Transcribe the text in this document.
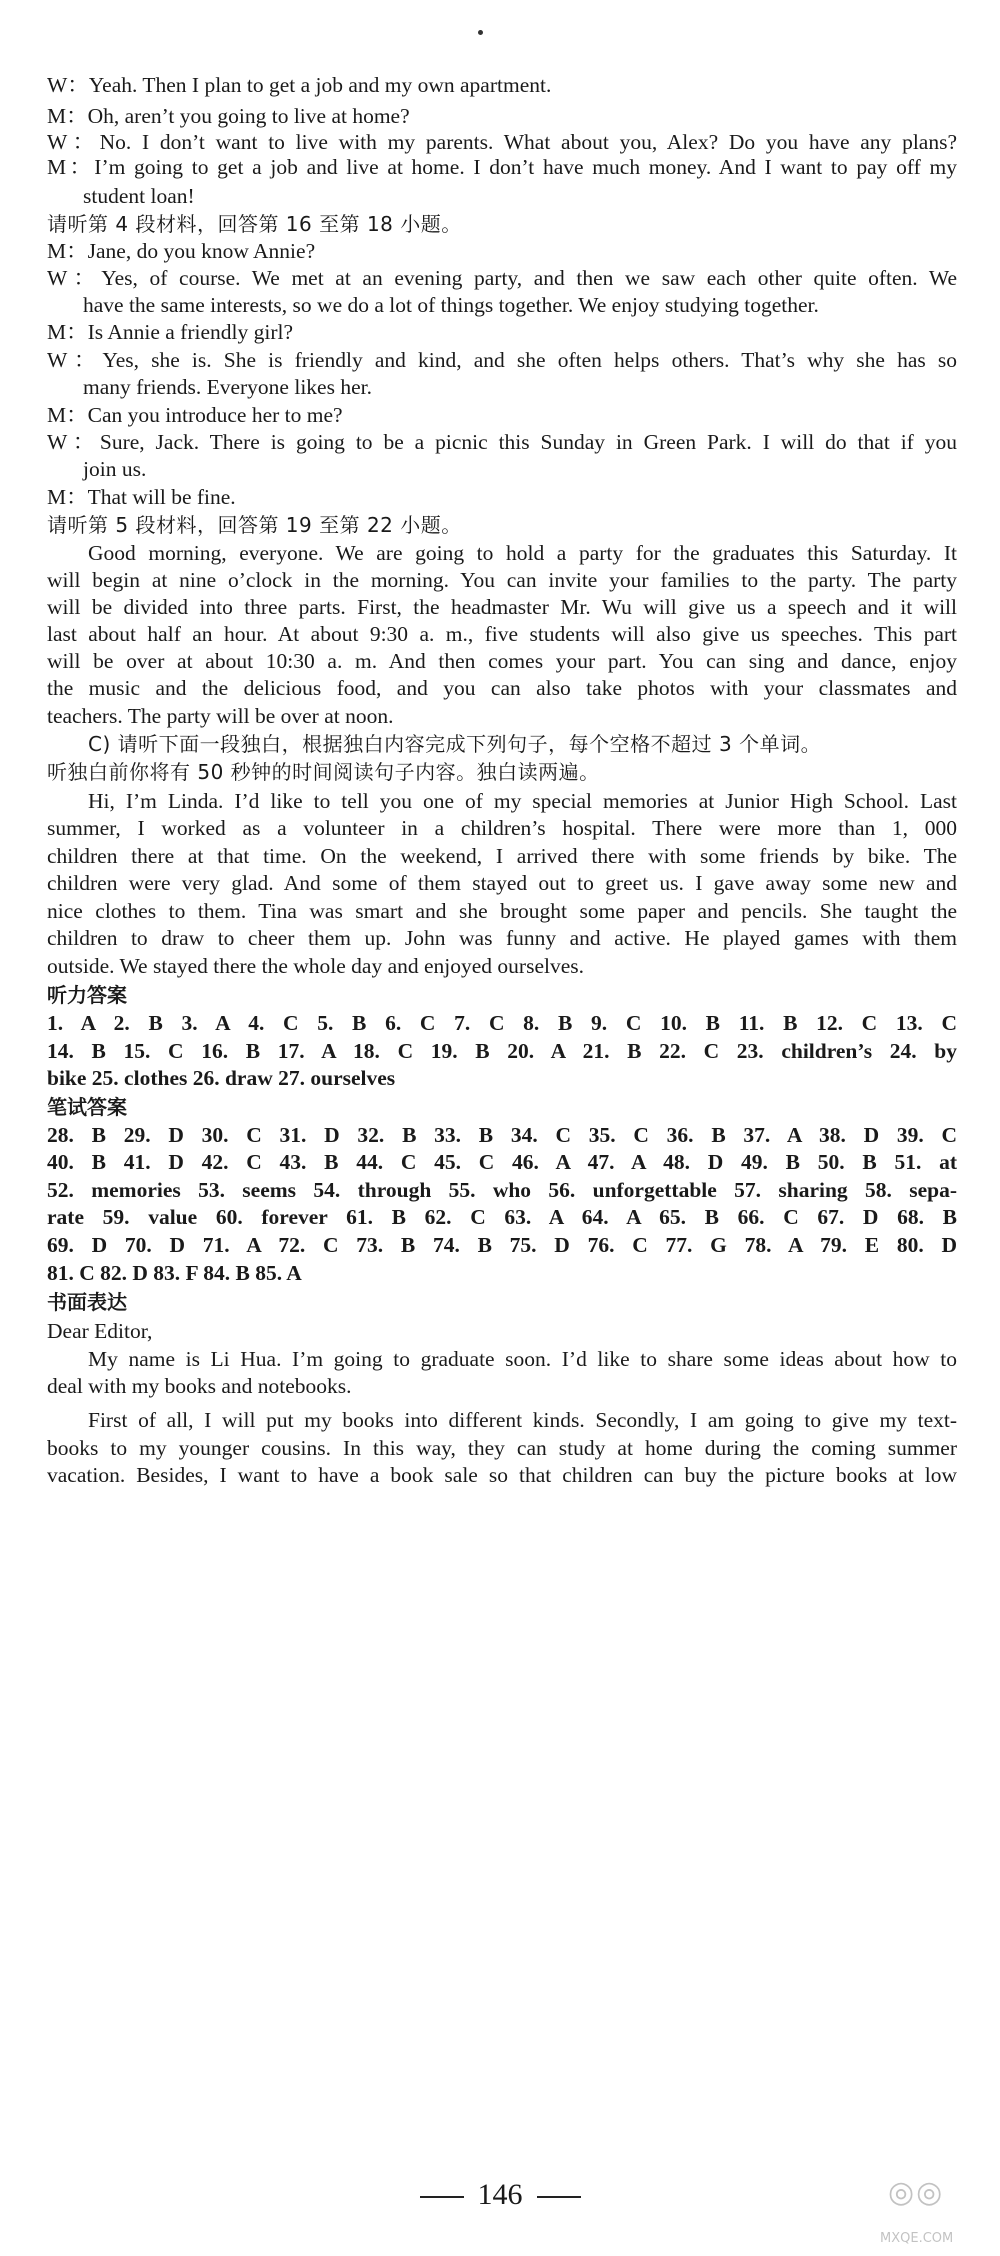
W：Yeah. Then I plan to get a job and my own apartment.
M：Oh, aren’t you going to live at home?
W：No. I don’t want to live with my parents. What about you, Alex? Do you have any plans?
M：I’m going to get a job and live at home. I don’t have much money. And I want to pay off my
student loan!
请听第 4 段材料，回答第 16 至第 18 小题。
M：Jane, do you know Annie?
W：Yes, of course. We met at an evening party, and then we saw each other quite often. We
have the same interests, so we do a lot of things together. We enjoy studying together.
M：Is Annie a friendly girl?
W：Yes, she is. She is friendly and kind, and she often helps others. That’s why she has so
many friends. Everyone likes her.
M：Can you introduce her to me?
W：Sure, Jack. There is going to be a picnic this Sunday in Green Park. I will do that if you
join us.
M：That will be fine.
请听第 5 段材料，回答第 19 至第 22 小题。
Good morning, everyone. We are going to hold a party for the graduates this Saturday. It
will begin at nine o’clock in the morning. You can invite your families to the party. The party
will be divided into three parts. First, the headmaster Mr. Wu will give us a speech and it will
last about half an hour. At about 9:30 a. m., five students will also give us speeches. This part
will be over at about 10:30 a. m. And then comes your part. You can sing and dance, enjoy
the music and the delicious food, and you can also take photos with your classmates and
teachers. The party will be over at noon.
C) 请听下面一段独白，根据独白内容完成下列句子，每个空格不超过 3 个单词。
听独白前你将有 50 秒钟的时间阅读句子内容。独白读两遍。
Hi, I’m Linda. I’d like to tell you one of my special memories at Junior High School. Last
summer, I worked as a volunteer in a children’s hospital. There were more than 1, 000
children there at that time. On the weekend, I arrived there with some friends by bike. The
children were very glad. And some of them stayed out to greet us. I gave away some new and
nice clothes to them. Tina was smart and she brought some paper and pencils. She taught the
children to draw to cheer them up. John was funny and active. He played games with them
outside. We stayed there the whole day and enjoyed ourselves.
听力答案
1. A 2. B 3. A 4. C 5. B 6. C 7. C 8. B 9. C 10. B 11. B 12. C 13. C
14. B 15. C 16. B 17. A 18. C 19. B 20. A 21. B 22. C 23. children’s 24. by
bike 25. clothes 26. draw 27. ourselves
笔试答案
28. B 29. D 30. C 31. D 32. B 33. B 34. C 35. C 36. B 37. A 38. D 39. C
40. B 41. D 42. C 43. B 44. C 45. C 46. A 47. A 48. D 49. B 50. B 51. at
52. memories 53. seems 54. through 55. who 56. unforgettable 57. sharing 58. sepa-
rate 59. value 60. forever 61. B 62. C 63. A 64. A 65. B 66. C 67. D 68. B
69. D 70. D 71. A 72. C 73. B 74. B 75. D 76. C 77. G 78. A 79. E 80. D
81. C 82. D 83. F 84. B 85. A
书面表达
Dear Editor,
My name is Li Hua. I’m going to graduate soon. I’d like to share some ideas about how to
deal with my books and notebooks.
First of all, I will put my books into different kinds. Secondly, I am going to give my text-
books to my younger cousins. In this way, they can study at home during the coming summer
vacation. Besides, I want to have a book sale so that children can buy the picture books at low
146	◎◎
MXQE.COM
